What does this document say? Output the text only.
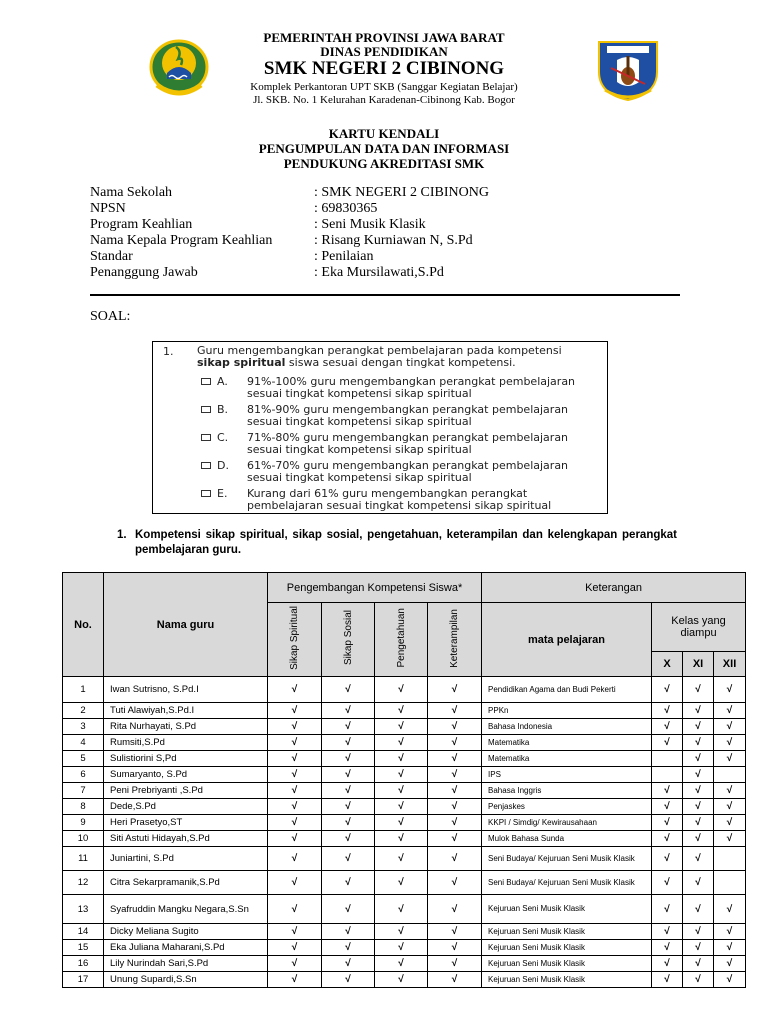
PEMERINTAH PROVINSI JAWA BARAT
DINAS PENDIDIKAN
SMK NEGERI 2 CIBINONG
Komplek Perkantoran UPT SKB (Sanggar Kegiatan Belajar)
Jl. SKB. No. 1 Kelurahan Karadenan-Cibinong Kab. Bogor
KARTU KENDALI
PENGUMPULAN DATA DAN INFORMASI
PENDUKUNG AKREDITASI SMK
Nama Sekolah	: SMK NEGERI 2 CIBINONG
NPSN	: 69830365
Program Keahlian	: Seni Musik Klasik
Nama Kepala Program Keahlian	: Risang Kurniawan N, S.Pd
Standar	: Penilaian
Penanggung Jawab	: Eka Mursilawati,S.Pd
SOAL:
1. Guru mengembangkan perangkat pembelajaran pada kompetensi
sikap spiritual siswa sesuai dengan tingkat kompetensi.
A. 91%-100% guru mengembangkan perangkat pembelajaran
sesuai tingkat kompetensi sikap spiritual
B. 81%-90% guru mengembangkan perangkat pembelajaran
sesuai tingkat kompetensi sikap spiritual
C. 71%-80% guru mengembangkan perangkat pembelajaran
sesuai tingkat kompetensi sikap spiritual
D. 61%-70% guru mengembangkan perangkat pembelajaran
sesuai tingkat kompetensi sikap spiritual
E. Kurang dari 61% guru mengembangkan perangkat
pembelajaran sesuai tingkat kompetensi sikap spiritual
1. Kompetensi sikap spiritual, sikap sosial, pengetahuan, keterampilan dan kelengkapan perangkat pembelajaran guru.
No.	Nama guru	Pengembangan Kompetensi Siswa*				Keterangan			
		Sikap Spiritual	Sikap Sosial	Pengetahuan	Keterampilan	mata pelajaran	Kelas yang diampu		
							X	XI	XII
1	Iwan Sutrisno, S.Pd.I	√	√	√	√	Pendidikan Agama dan Budi Pekerti	√	√	√
2	Tuti Alawiyah,S.Pd.I	√	√	√	√	PPKn	√	√	√
3	Rita Nurhayati, S.Pd	√	√	√	√	Bahasa Indonesia	√	√	√
4	Rumsiti,S.Pd	√	√	√	√	Matematika	√	√	√
5	Sulistiorini S,Pd	√	√	√	√	Matematika		√	√
6	Sumaryanto, S.Pd	√	√	√	√	IPS		√	
7	Peni Prebriyanti ,S.Pd	√	√	√	√	Bahasa Inggris	√	√	√
8	Dede,S.Pd	√	√	√	√	Penjaskes	√	√	√
9	Heri Prasetyo,ST	√	√	√	√	KKPI / Simdig/ Kewirausahaan	√	√	√
10	Siti Astuti Hidayah,S.Pd	√	√	√	√	Mulok Bahasa Sunda	√	√	√
11	Juniartini, S.Pd	√	√	√	√	Seni Budaya/ Kejuruan Seni Musik Klasik	√	√	
12	Citra Sekarpramanik,S.Pd	√	√	√	√	Seni Budaya/ Kejuruan Seni Musik Klasik	√	√	
13	Syafruddin Mangku Negara,S.Sn	√	√	√	√	Kejuruan Seni Musik Klasik	√	√	√
14	Dicky Meliana Sugito	√	√	√	√	Kejuruan Seni Musik Klasik	√	√	√
15	Eka Juliana Maharani,S.Pd	√	√	√	√	Kejuruan Seni Musik Klasik	√	√	√
16	Lily Nurindah Sari,S.Pd	√	√	√	√	Kejuruan Seni Musik Klasik	√	√	√
17	Unung Supardi,S.Sn	√	√	√	√	Kejuruan Seni Musik Klasik	√	√	√
